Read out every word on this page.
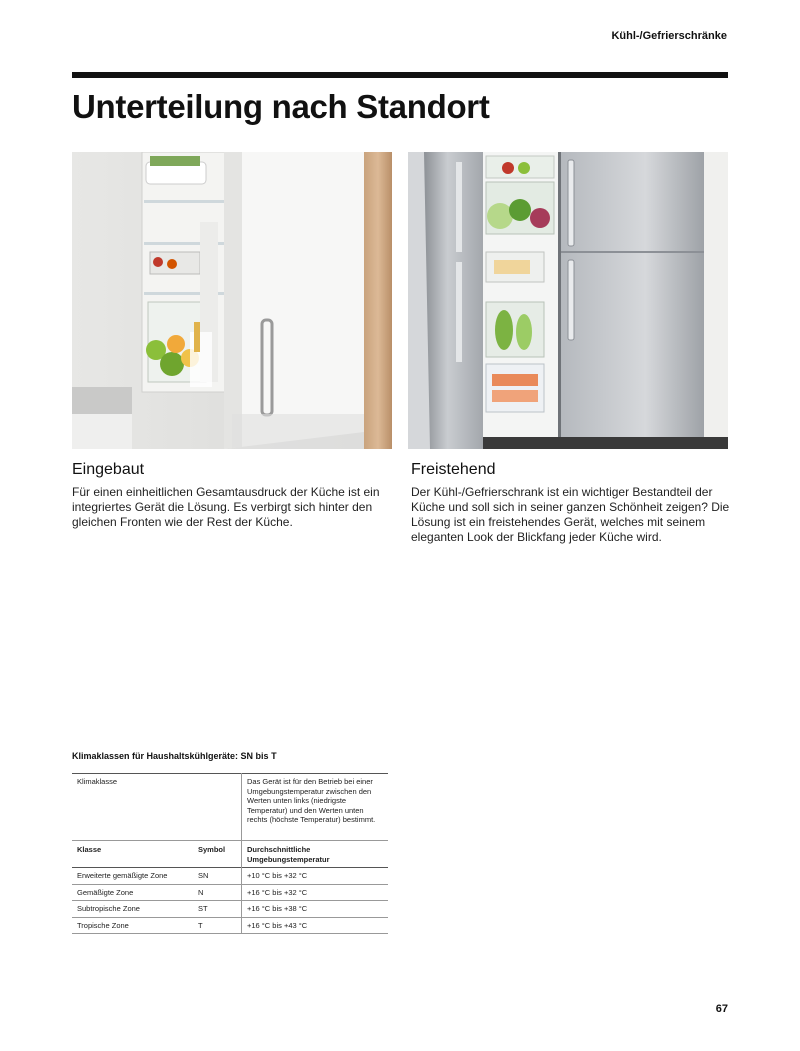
Kühl-/Gefrierschränke
Unterteilung nach Standort
Eingebaut

Für einen einheitlichen Gesamtausdruck der Küche ist ein integriertes Gerät die Lösung. Es verbirgt sich hinter den gleichen Fronten wie der Rest der Küche.

Freistehend

Der Kühl-/Gefrierschrank ist ein wichtiger Bestandteil der Küche und soll sich in seiner ganzen Schönheit zeigen? Die Lösung ist ein freistehendes Gerät, welches mit seinem eleganten Look der Blickfang jeder Küche wird.

Klimaklassen für Haushaltskühlgeräte: SN bis T
Klimaklasse		Das Gerät ist für den Betrieb bei einer Umgebungstemperatur zwischen den Werten unten links (niedrigste Temperatur) und den Werten unten rechts (höchste Temperatur) bestimmt.
Klasse	Symbol	Durchschnittliche Umgebungstemperatur
Erweiterte gemäßigte Zone	SN	+10 °C bis +32 °C
Gemäßigte Zone	N	+16 °C bis +32 °C
Subtropische Zone	ST	+16 °C bis +38 °C
Tropische Zone	T	+16 °C bis +43 °C
67
